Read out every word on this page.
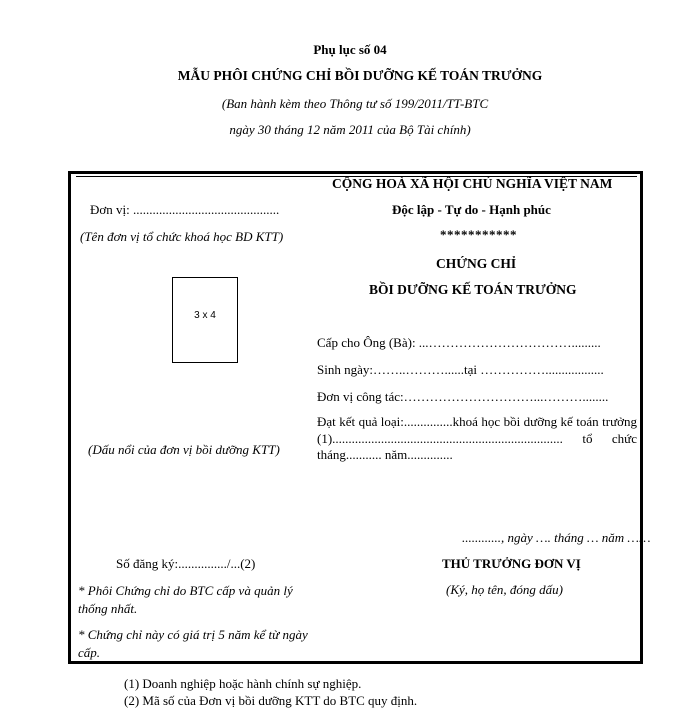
Phụ lục số 04
MẪU PHÔI CHỨNG CHỈ BỒI DƯỠNG KẾ TOÁN TRƯỞNG
(Ban hành kèm theo Thông tư số 199/2011/TT-BTC
ngày 30 tháng 12 năm 2011 của Bộ Tài chính)
Đơn vị: .............................................
(Tên đơn vị tổ chức khoá học BD KTT)
3 x 4
(Dấu nổi của đơn vị bồi dưỡng KTT)
CỘNG HOÀ XÃ HỘI CHỦ NGHĨA VIỆT NAM
Độc lập - Tự do - Hạnh phúc
***********
CHỨNG CHỈ
BỒI DƯỠNG KẾ TOÁN TRƯỞNG
Cấp cho Ông (Bà): ...…………………………….........
Sinh ngày:……..………......tại ……………..................
Đơn vị công tác:…………………………...………........
Đạt kết quả loại:...............khoá học bồi dưỡng kế toán trưởng (1)....................................................................... tổ chức tháng........... năm..............
............, ngày …. tháng … năm ……
Số đăng ký:.............../...(2)	THỦ TRƯỞNG ĐƠN VỊ
(Ký, họ tên, đóng dấu)
* Phôi Chứng chỉ do BTC cấp và quản lý thống nhất.
* Chứng chỉ này có giá trị 5 năm kể từ ngày cấp.
(1) Doanh nghiệp hoặc hành chính sự nghiệp.
(2) Mã số của Đơn vị bồi dưỡng KTT do BTC quy định.
